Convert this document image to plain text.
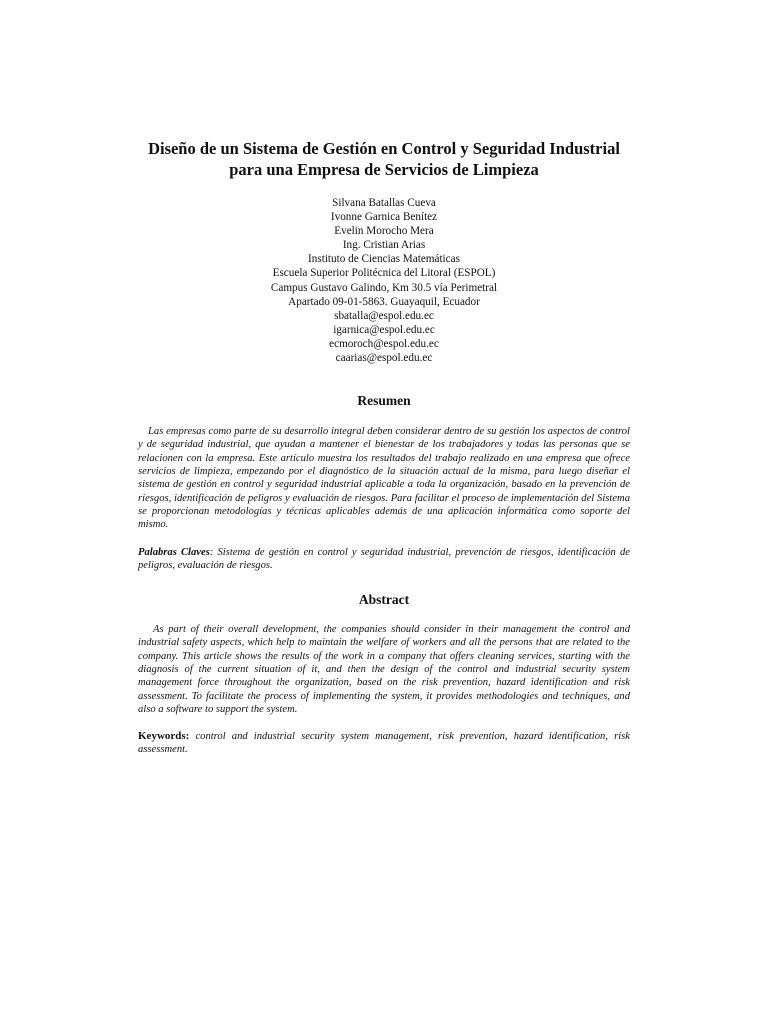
Diseño de un Sistema de Gestión en Control y Seguridad Industrial
para una Empresa de Servicios de Limpieza
Silvana Batallas Cueva
Ivonne Garnica Benítez
Evelin Morocho Mera
Ing. Cristian Arias
Instituto de Ciencias Matemáticas
Escuela Superior Politécnica del Litoral (ESPOL)
Campus Gustavo Galindo, Km 30.5 vía Perimetral
Apartado 09-01-5863. Guayaquil, Ecuador
sbatalla@espol.edu.ec
igarnica@espol.edu.ec
ecmoroch@espol.edu.ec
caarias@espol.edu.ec
Resumen

Las empresas como parte de su desarrollo integral deben considerar dentro de su gestión los aspectos de control y de seguridad industrial, que ayudan a mantener el bienestar de los trabajadores y todas las personas que se relacionen con la empresa. Este artículo muestra los resultados del trabajo realizado en una empresa que ofrece servicios de limpieza, empezando por el diagnóstico de la situación actual de la misma, para luego diseñar el sistema de gestión en control y seguridad industrial aplicable a toda la organización, basado en la prevención de riesgos, identificación de peligros y evaluación de riesgos. Para facilitar el proceso de implementación del Sistema se proporcionan metodologías y técnicas aplicables además de una aplicación informática como soporte del mismo.

Palabras Claves: Sistema de gestión en control y seguridad industrial, prevención de riesgos, identificación de peligros, evaluación de riesgos.

Abstract

As part of their overall development, the companies should consider in their management the control and industrial safety aspects, which help to maintain the welfare of workers and all the persons that are related to the company. This article shows the results of the work in a company that offers cleaning services, starting with the diagnosis of the current situation of it, and then the design of the control and industrial security system management force throughout the organization, based on the risk prevention, hazard identification and risk assessment. To facilitate the process of implementing the system, it provides methodologies and techniques, and also a software to support the system.

Keywords: control and industrial security system management, risk prevention, hazard identification, risk assessment.
